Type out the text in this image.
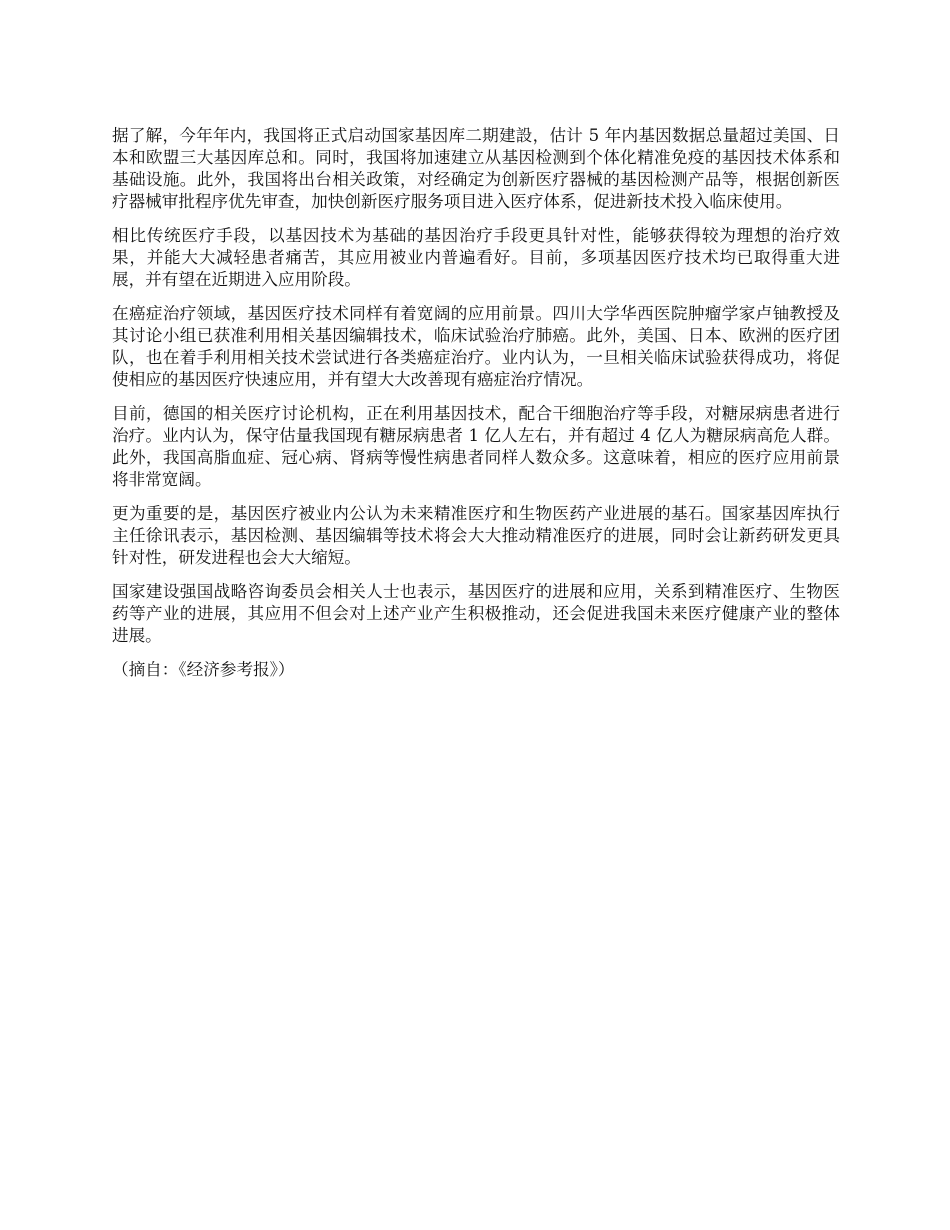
据了解，今年年内，我国将正式启动国家基因库二期建設，估计 5 年内基因数据总量超过美国、日本和欧盟三大基因库总和。同时，我国将加速建立从基因检测到个体化精准免疫的基因技术体系和基础设施。此外，我国将出台相关政策，对经确定为创新医疗器械的基因检测产品等，根据创新医疗器械审批程序优先审查，加快创新医疗服务项目进入医疗体系，促进新技术投入临床使用。

相比传统医疗手段，以基因技术为基础的基因治疗手段更具针对性，能够获得较为理想的治疗效果，并能大大减轻患者痛苦，其应用被业内普遍看好。目前，多项基因医疗技术均已取得重大进展，并有望在近期进入应用阶段。

在癌症治疗领域，基因医疗技术同样有着宽阔的应用前景。四川大学华西医院肿瘤学家卢铀教授及其讨论小组已获准利用相关基因编辑技术，临床试验治疗肺癌。此外，美国、日本、欧洲的医疗团队，也在着手利用相关技术尝试进行各类癌症治疗。业内认为，一旦相关临床试验获得成功，将促使相应的基因医疗快速应用，并有望大大改善现有癌症治疗情况。

目前，德国的相关医疗讨论机构，正在利用基因技术，配合干细胞治疗等手段，对糖尿病患者进行治疗。业内认为，保守估量我国现有糖尿病患者 1 亿人左右，并有超过 4 亿人为糖尿病高危人群。此外，我国高脂血症、冠心病、肾病等慢性病患者同样人数众多。这意味着，相应的医疗应用前景将非常宽阔。

更为重要的是，基因医疗被业内公认为未来精准医疗和生物医药产业进展的基石。国家基因库执行主任徐讯表示，基因检测、基因编辑等技术将会大大推动精准医疗的进展，同时会让新药研发更具针对性，研发进程也会大大缩短。

国家建设强国战略咨询委员会相关人士也表示，基因医疗的进展和应用，关系到精准医疗、生物医药等产业的进展，其应用不但会对上述产业产生积极推动，还会促进我国未来医疗健康产业的整体进展。

（摘自：《经济参考报》）
